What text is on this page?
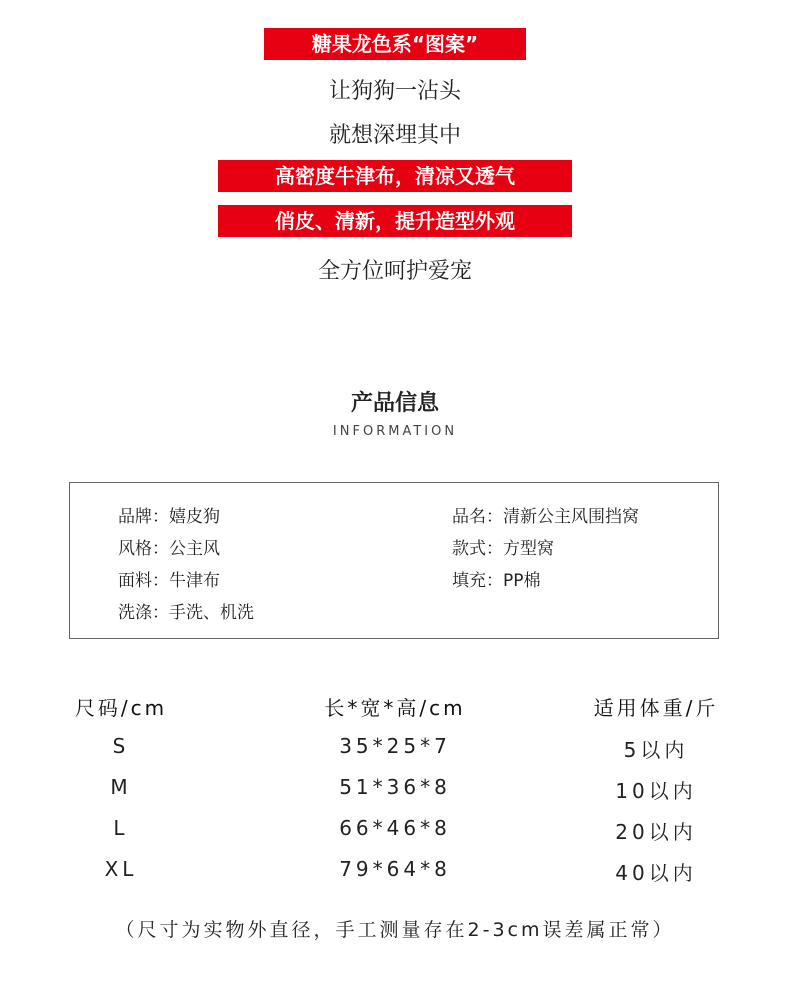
糖果龙色系“图案”
让狗狗一沾头
就想深埋其中
高密度牛津布，清凉又透气
俏皮、清新，提升造型外观
全方位呵护爱宠
产品信息
INFORMATION
品牌：嬉皮狗	品名：清新公主风围挡窝
风格：公主风	款式：方型窝
面料：牛津布	填充：PP棉
洗涤：手洗、机洗
尺码/cm	长*宽*高/cm	适用体重/斤
S	35*25*7	5以内
M	51*36*8	10以内
L	66*46*8	20以内
XL	79*64*8	40以内
（尺寸为实物外直径，手工测量存在2-3cm误差属正常）
